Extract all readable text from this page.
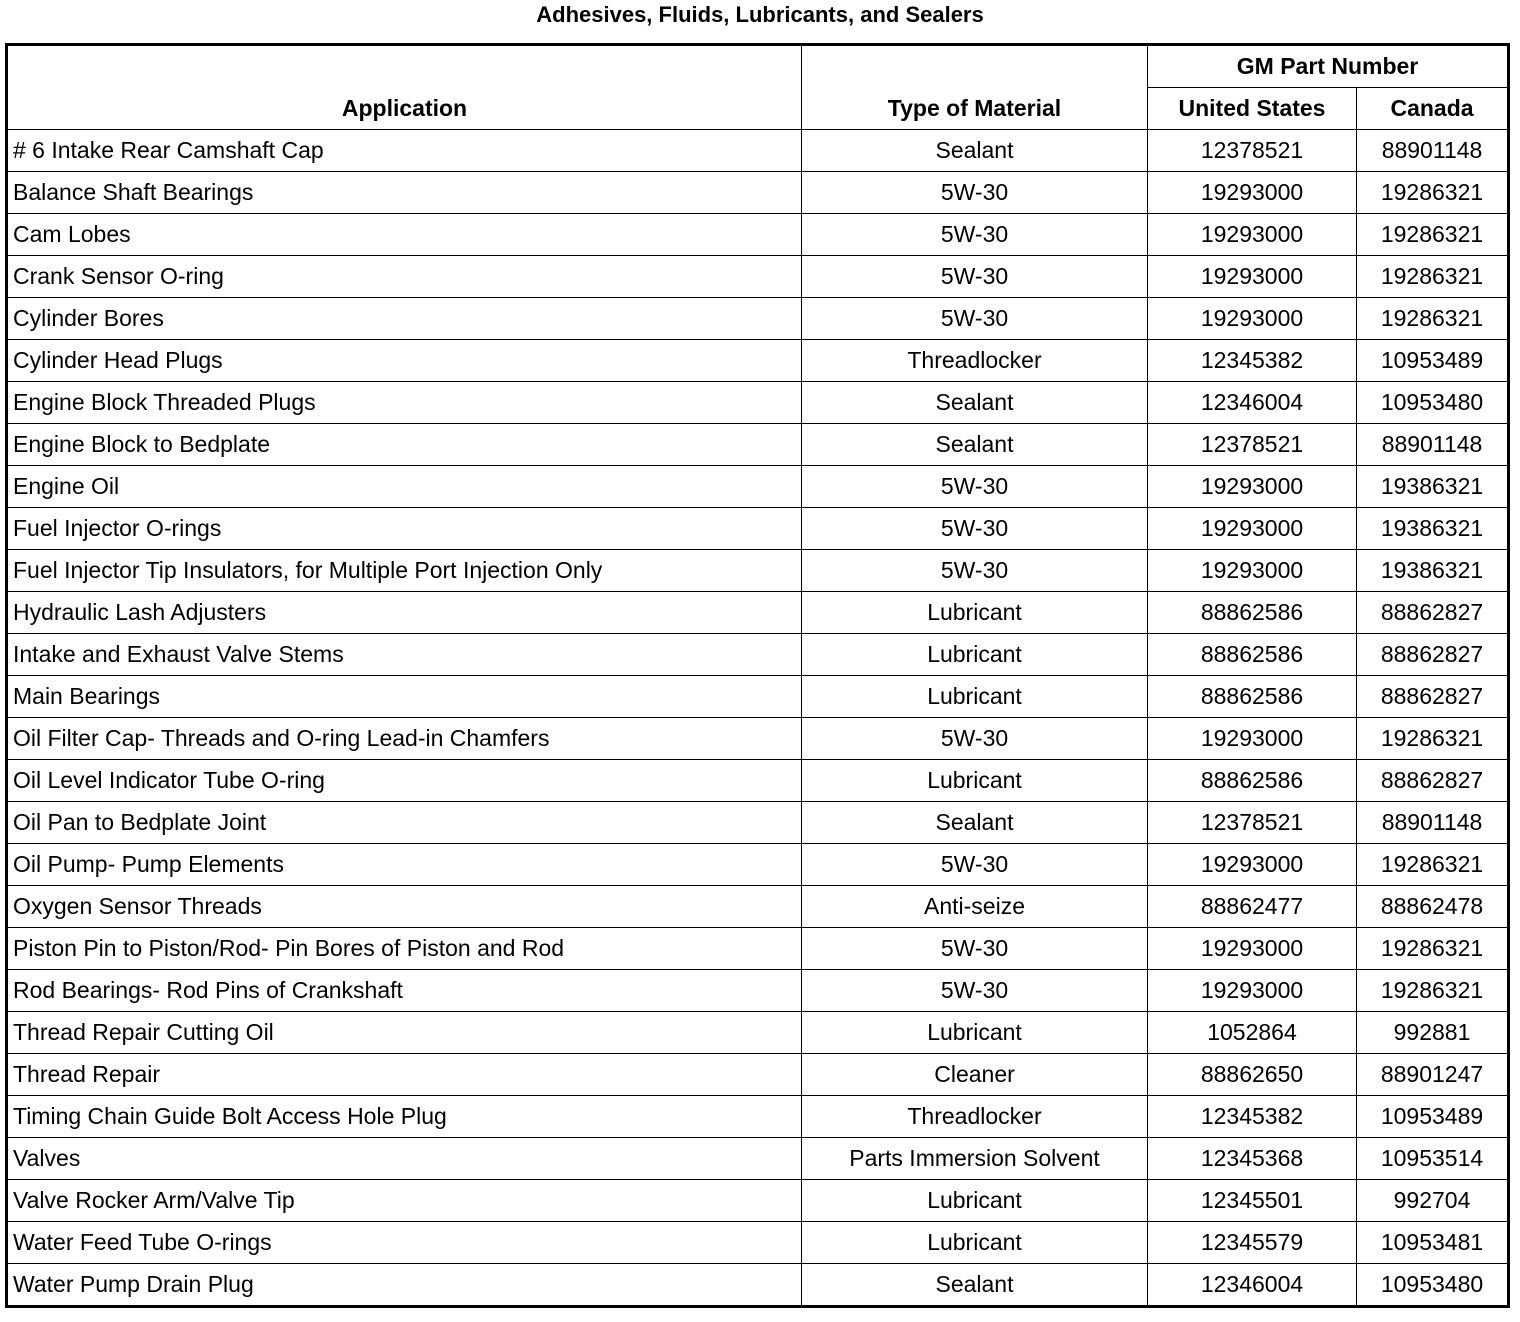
Adhesives, Fluids, Lubricants, and Sealers
Application	Type of Material	GM Part Number	
		United States	Canada
# 6 Intake Rear Camshaft Cap	Sealant	12378521	88901148
Balance Shaft Bearings	5W-30	19293000	19286321
Cam Lobes	5W-30	19293000	19286321
Crank Sensor O-ring	5W-30	19293000	19286321
Cylinder Bores	5W-30	19293000	19286321
Cylinder Head Plugs	Threadlocker	12345382	10953489
Engine Block Threaded Plugs	Sealant	12346004	10953480
Engine Block to Bedplate	Sealant	12378521	88901148
Engine Oil	5W-30	19293000	19386321
Fuel Injector O-rings	5W-30	19293000	19386321
Fuel Injector Tip Insulators, for Multiple Port Injection Only	5W-30	19293000	19386321
Hydraulic Lash Adjusters	Lubricant	88862586	88862827
Intake and Exhaust Valve Stems	Lubricant	88862586	88862827
Main Bearings	Lubricant	88862586	88862827
Oil Filter Cap- Threads and O-ring Lead-in Chamfers	5W-30	19293000	19286321
Oil Level Indicator Tube O-ring	Lubricant	88862586	88862827
Oil Pan to Bedplate Joint	Sealant	12378521	88901148
Oil Pump- Pump Elements	5W-30	19293000	19286321
Oxygen Sensor Threads	Anti-seize	88862477	88862478
Piston Pin to Piston/Rod- Pin Bores of Piston and Rod	5W-30	19293000	19286321
Rod Bearings- Rod Pins of Crankshaft	5W-30	19293000	19286321
Thread Repair Cutting Oil	Lubricant	1052864	992881
Thread Repair	Cleaner	88862650	88901247
Timing Chain Guide Bolt Access Hole Plug	Threadlocker	12345382	10953489
Valves	Parts Immersion Solvent	12345368	10953514
Valve Rocker Arm/Valve Tip	Lubricant	12345501	992704
Water Feed Tube O-rings	Lubricant	12345579	10953481
Water Pump Drain Plug	Sealant	12346004	10953480
